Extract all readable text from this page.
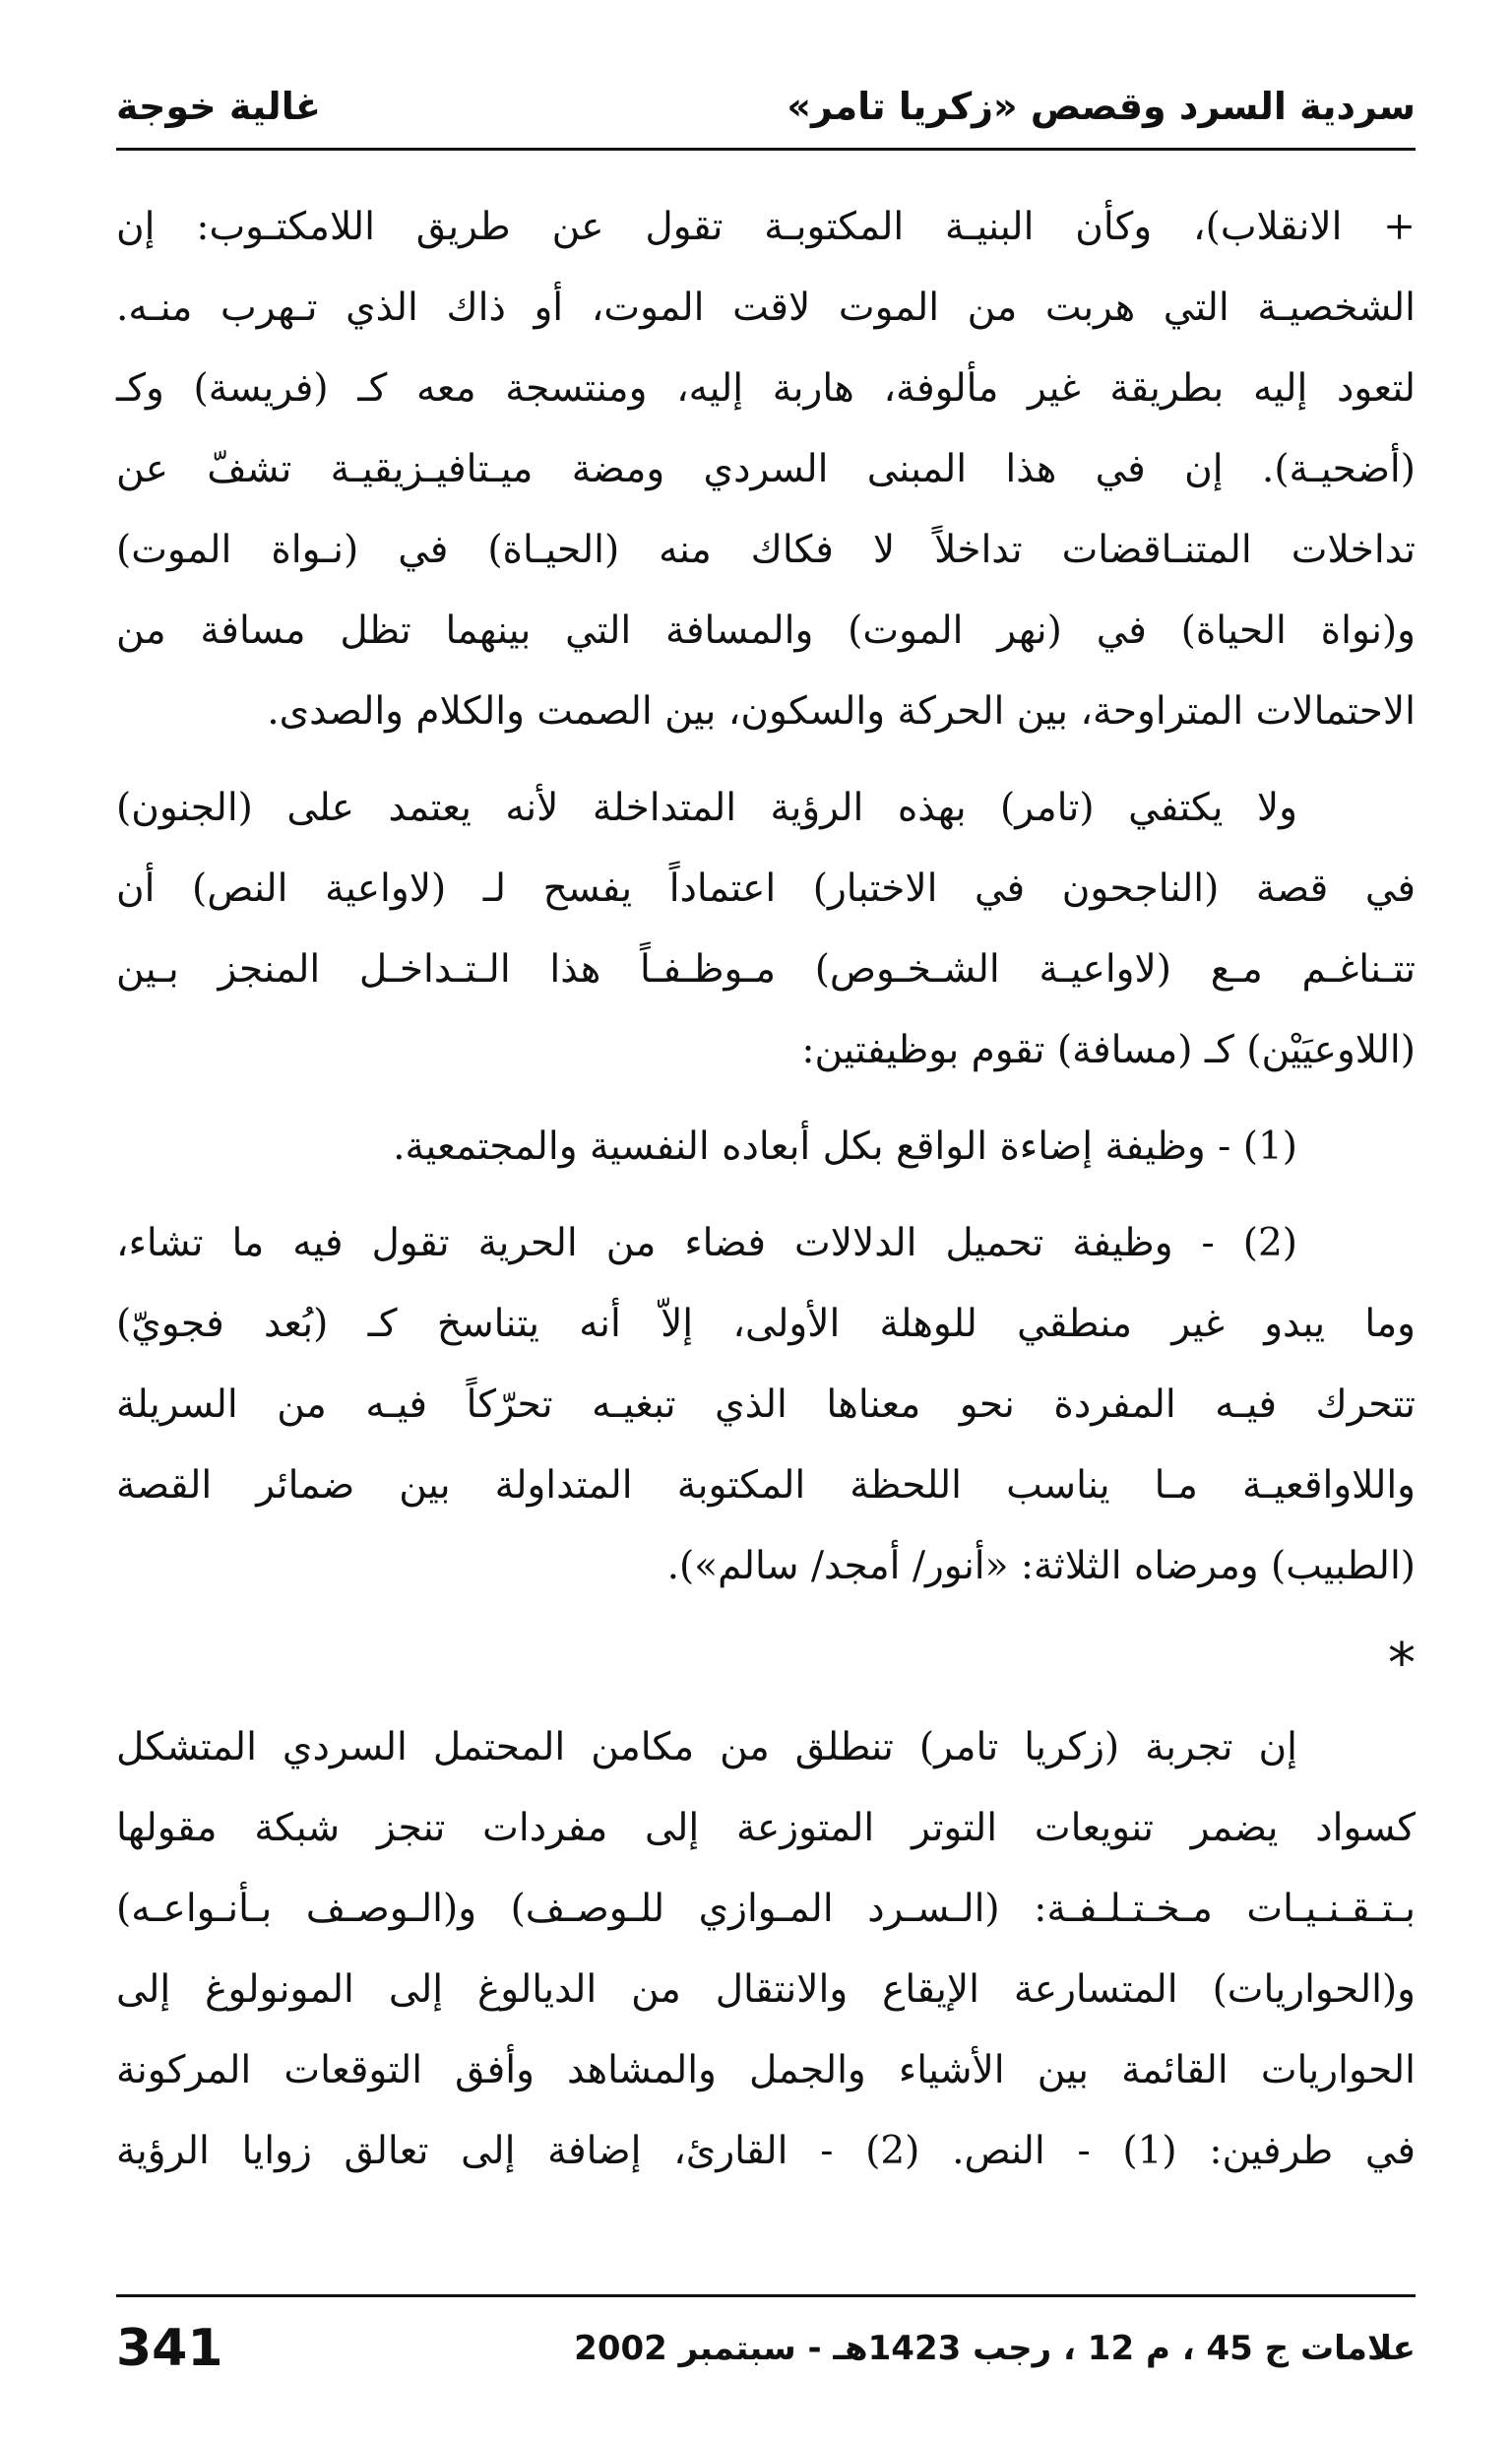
سردية السرد وقصص «زكريا تامر»
غالية خوجة
+ الانقلاب)، وكأن البنيـة المكتوبـة تقول عن طريق اللامكتـوب: إن
الشخصيـة التي هربت من الموت لاقت الموت، أو ذاك الذي تـهرب منـه.
لتعود إليه بطريقة غير مألوفة، هاربة إليه، ومنتسجة معه كـ (فريسة) وكـ
(أضحيـة). إن في هذا المبنى السردي ومضة ميـتافيـزيقيـة تشفّ عن
تداخلات المتنـاقضات تداخلاً لا فكاك منه (الحيـاة) في (نـواة الموت)
و(نواة الحياة) في (نهر الموت) والمسافة التي بينهما تظل مسافة من
الاحتمالات المتراوحة، بين الحركة والسكون، بين الصمت والكلام والصدى.
ولا يكتفي (تامر) بهذه الرؤية المتداخلة لأنه يعتمد على (الجنون)
في قصة (الناجحون في الاختبار) اعتماداً يفسح لـ (لاواعية النص) أن
تتـناغـم مـع (لاواعيـة الشـخـوص) مـوظـفـاً هذا الـتـداخـل المنجز بـين
(اللاوعيَيْن) كـ (مسافة) تقوم بوظيفتين:
(1) - وظيفة إضاءة الواقع بكل أبعاده النفسية والمجتمعية.
(2) - وظيفة تحميل الدلالات فضاء من الحرية تقول فيه ما تشاء،
وما يبدو غير منطقي للوهلة الأولى، إلاّ أنه يتناسخ كـ (بُعد فجويّ)
تتحرك فيـه المفردة نحو معناها الذي تبغيـه تحرّكاً فيـه من السريلة
واللاواقعيـة مـا يناسب اللحظة المكتوبة المتداولة بين ضمائر القصة
(الطبيب) ومرضاه الثلاثة: «أنور/ أمجد/ سالم»).
*
إن تجربة (زكريا تامر) تنطلق من مكامن المحتمل السردي المتشكل
كسواد يضمر تنويعات التوتر المتوزعة إلى مفردات تنجز شبكة مقولها
بـتـقـنـيـات مـخـتـلـفـة: (الـسـرد المـوازي للـوصـف) و(الـوصـف بـأنـواعـه)
و(الحواريات) المتسارعة الإيقاع والانتقال من الديالوغ إلى المونولوغ إلى
الحواريات القائمة بين الأشياء والجمل والمشاهد وأفق التوقعات المركونة
في طرفين: (1) - النص. (2) - القارئ، إضافة إلى تعالق زوايا الرؤية
علامات ج 45 ، م 12 ، رجب 1423هـ - سبتمبر 2002
341
